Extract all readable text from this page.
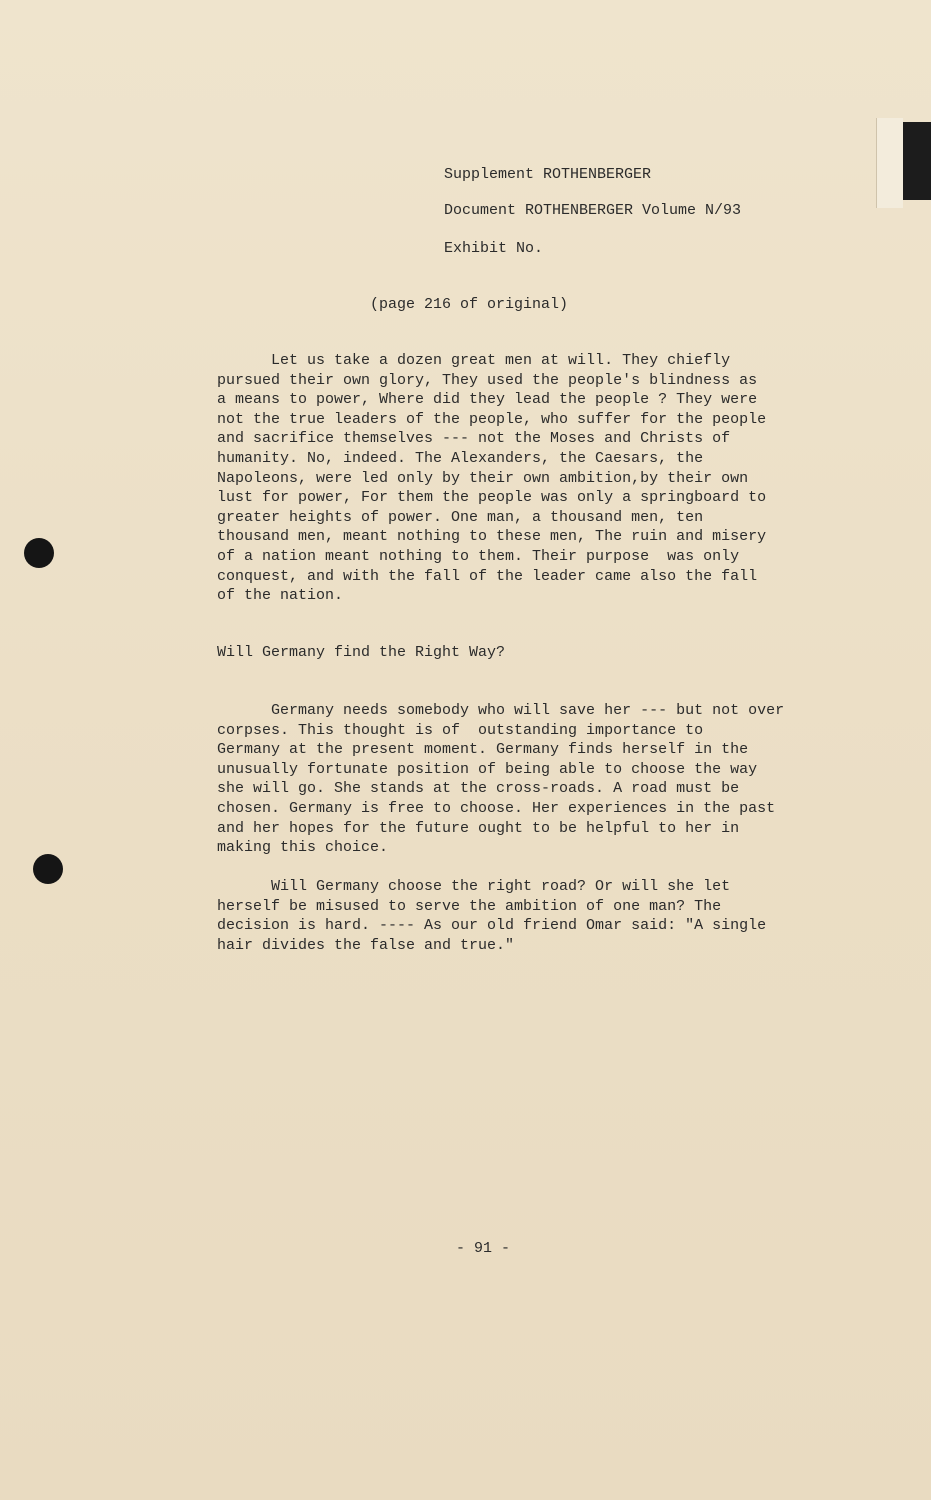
Supplement ROTHENBERGER
Document ROTHENBERGER Volume N/93
Exhibit No.
(page 216 of original)
Let us take a dozen great men at will. They chiefly
pursued their own glory, They used the people's blindness as
a means to power, Where did they lead the people ? They were
not the true leaders of the people, who suffer for the people
and sacrifice themselves --- not the Moses and Christs of
humanity. No, indeed. The Alexanders, the Caesars, the
Napoleons, were led only by their own ambition,by their own
lust for power, For them the people was only a springboard to
greater heights of power. One man, a thousand men, ten
thousand men, meant nothing to these men, The ruin and misery
of a nation meant nothing to them. Their purpose  was only
conquest, and with the fall of the leader came also the fall
of the nation.
Will Germany find the Right Way?
Germany needs somebody who will save her --- but not over
corpses. This thought is of  outstanding importance to
Germany at the present moment. Germany finds herself in the
unusually fortunate position of being able to choose the way
she will go. She stands at the cross-roads. A road must be
chosen. Germany is free to choose. Her experiences in the past
and her hopes for the future ought to be helpful to her in
making this choice.
Will Germany choose the right road? Or will she let
herself be misused to serve the ambition of one man? The
decision is hard. ---- As our old friend Omar said: "A single
hair divides the false and true."
- 91 -
